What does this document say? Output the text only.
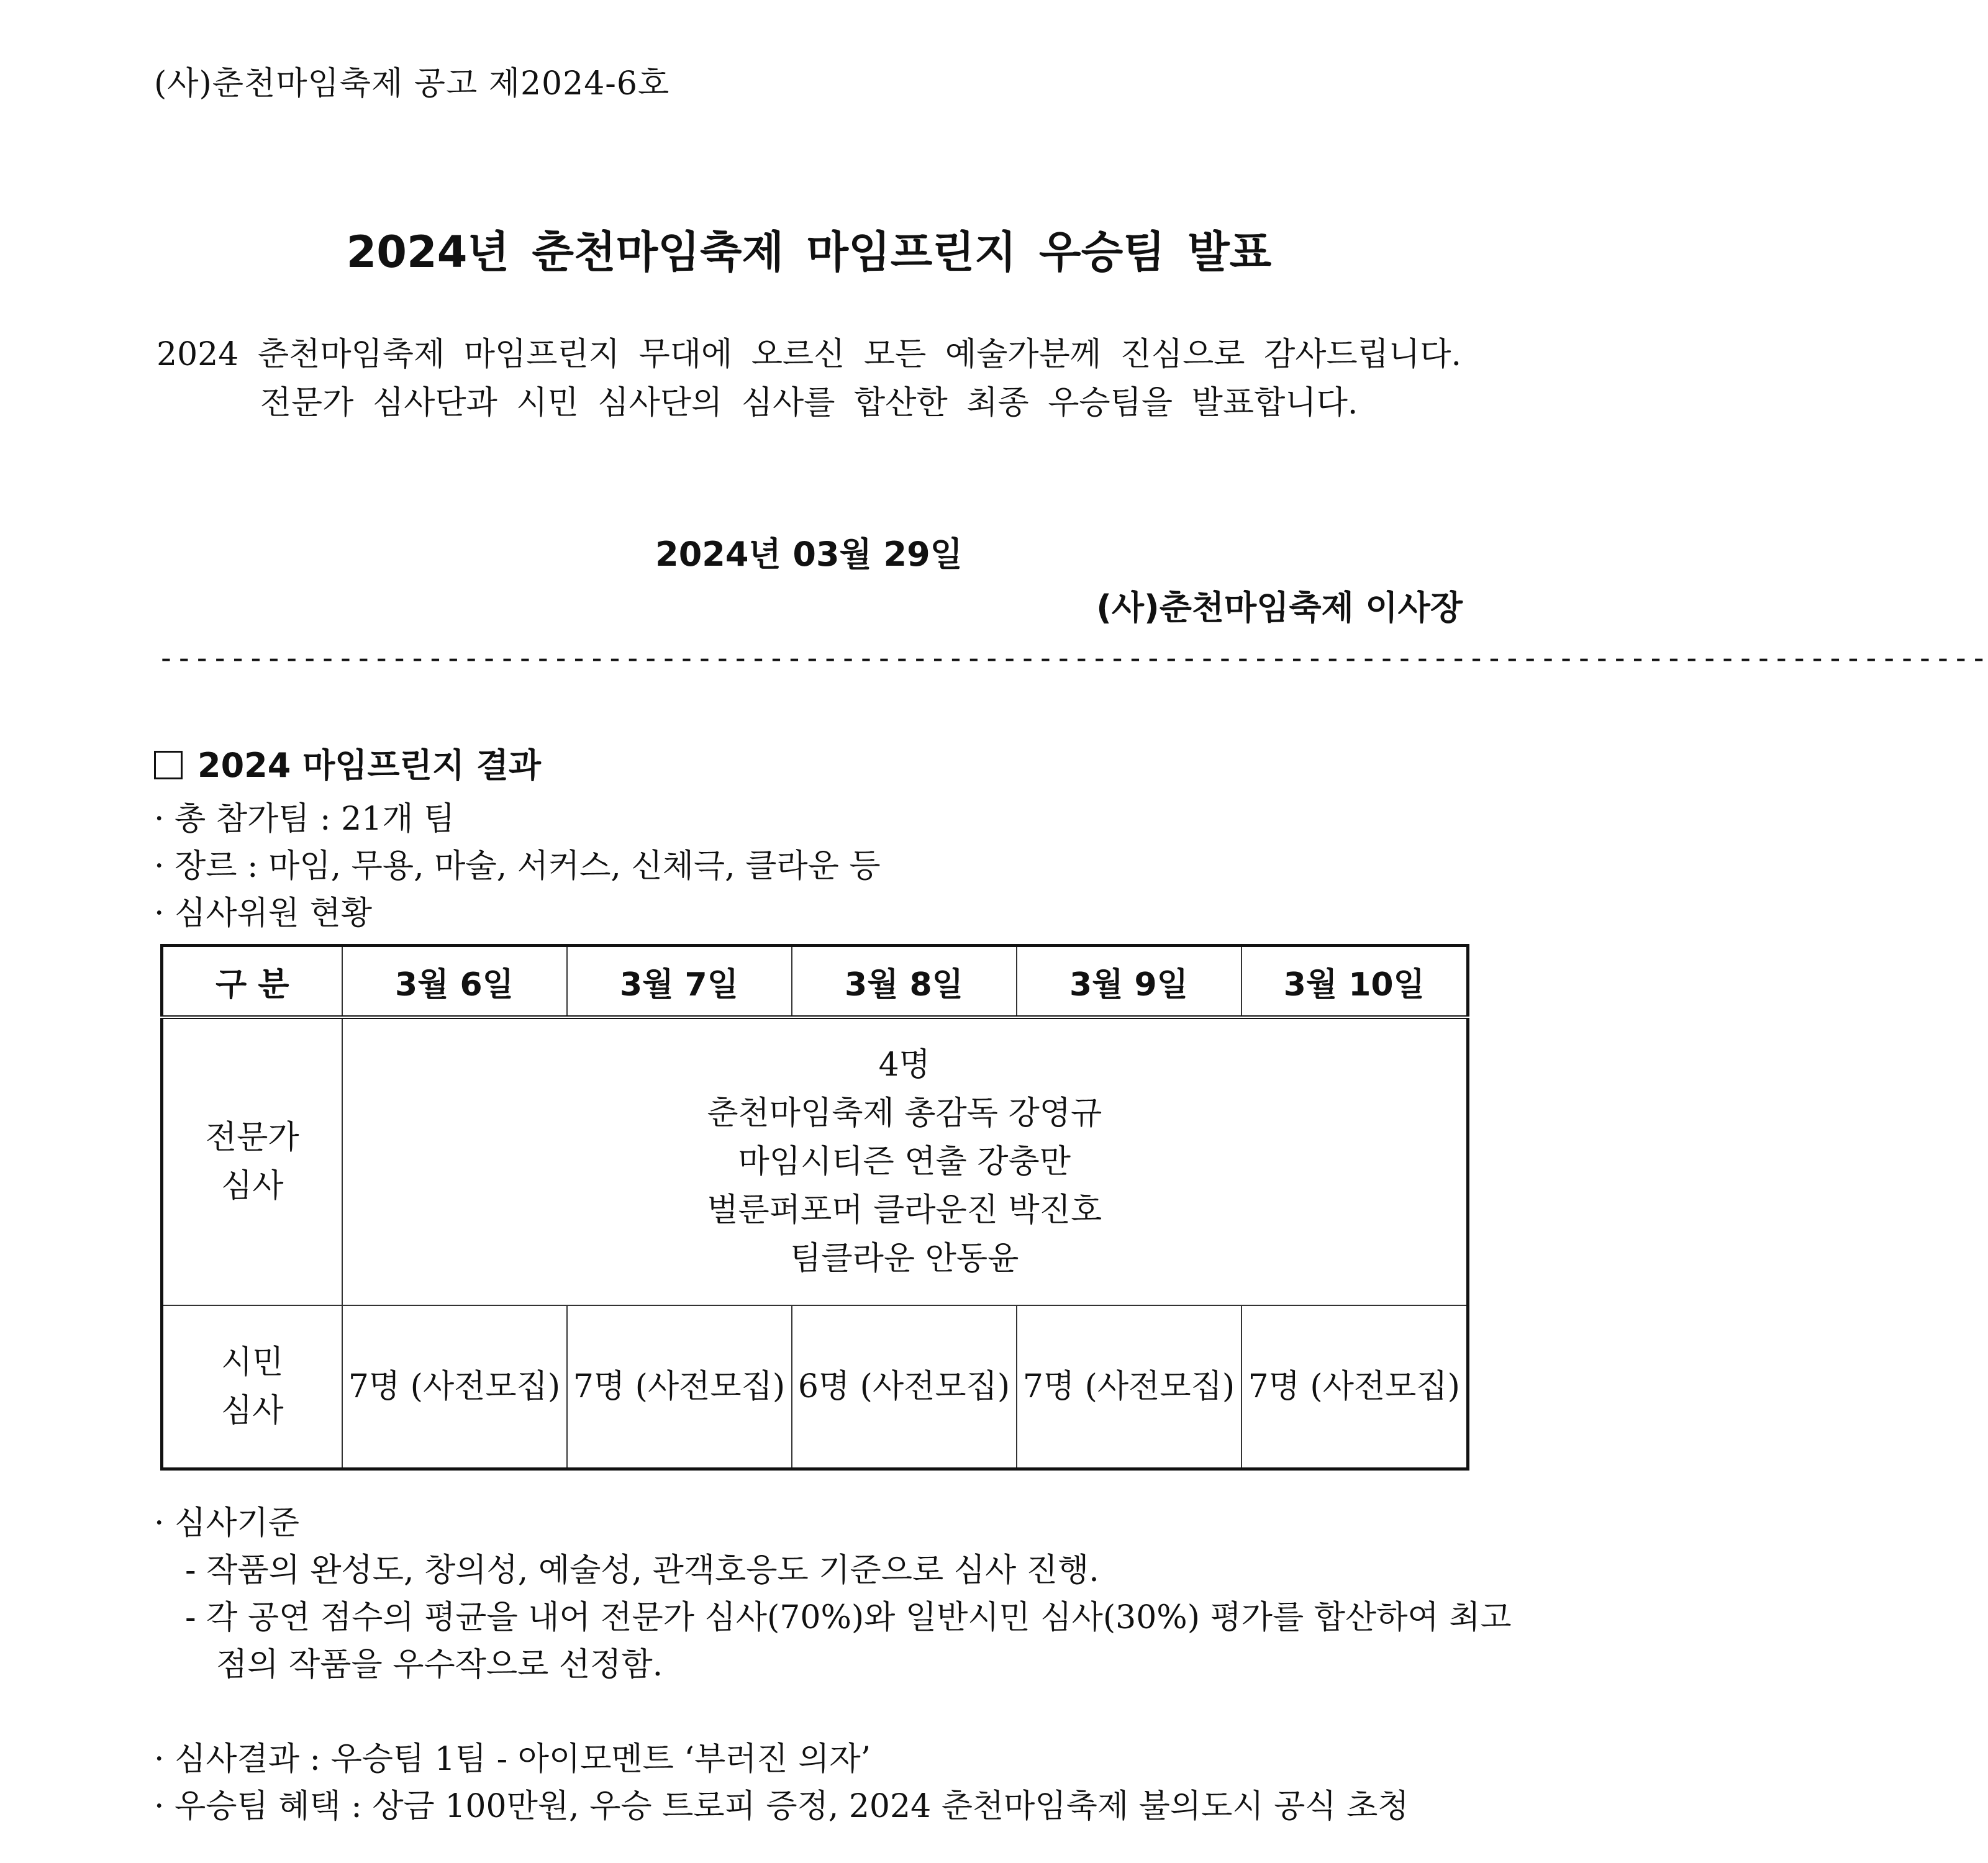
(사)춘천마임축제 공고 제2024-6호
2024년 춘천마임축제 마임프린지 우승팀 발표
2024 춘천마임축제 마임프린지 무대에 오르신 모든 예술가분께 진심으로 감사드립니다.
전문가 심사단과 시민 심사단의 심사를 합산한 최종 우승팀을 발표합니다.
2024년 03월 29일
(사)춘천마임축제 이사장
------------------------------------------------------------------------------------------------------
2024 마임프린지 결과
· 총 참가팀 : 21개 팀
· 장르 : 마임, 무용, 마술, 서커스, 신체극, 클라운 등
· 심사위원 현황
구 분	3월 6일	3월 7일	3월 8일	3월 9일	3월 10일

전문가
심사	4명
춘천마임축제 총감독 강영규
마임시티즌 연출 강충만
벌룬퍼포머 클라운진 박진호
팀클라운 안동윤				

시민
심사	7명 (사전모집)	7명 (사전모집)	6명 (사전모집)	7명 (사전모집)	7명 (사전모집)
· 심사기준
- 작품의 완성도, 창의성, 예술성, 관객호응도 기준으로 심사 진행.
- 각 공연 점수의 평균을 내어 전문가 심사(70%)와 일반시민 심사(30%) 평가를 합산하여 최고
점의 작품을 우수작으로 선정함.
· 심사결과 : 우승팀 1팀 - 아이모멘트 ‘부러진 의자’
· 우승팀 혜택 : 상금 100만원, 우승 트로피 증정, 2024 춘천마임축제 불의도시 공식 초청
